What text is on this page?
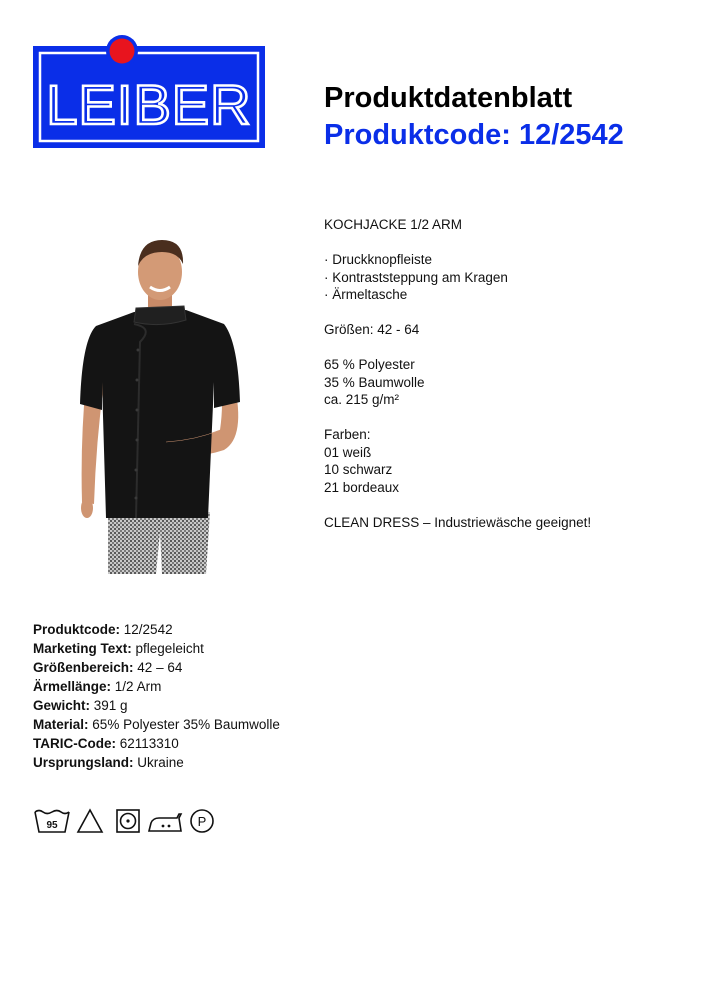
LEIBER Produktdatenblatt
Produktcode: 12/2542
KOCHJACKE 1/2 ARM
· Druckknopfleiste
· Kontraststeppung am Kragen
· Ärmeltasche
Größen: 42 - 64
65 % Polyester
35 % Baumwolle
ca. 215 g/m²
Farben:
01 weiß
10 schwarz
21 bordeaux
CLEAN DRESS – Industriewäsche geeignet!
Produktcode: 12/2542
Marketing Text: pflegeleicht
Größenbereich: 42 – 64
Ärmellänge: 1/2 Arm
Gewicht: 391 g
Material: 65% Polyester 35% Baumwolle
TARIC-Code: 62113310
Ursprungsland: Ukraine
95	P
